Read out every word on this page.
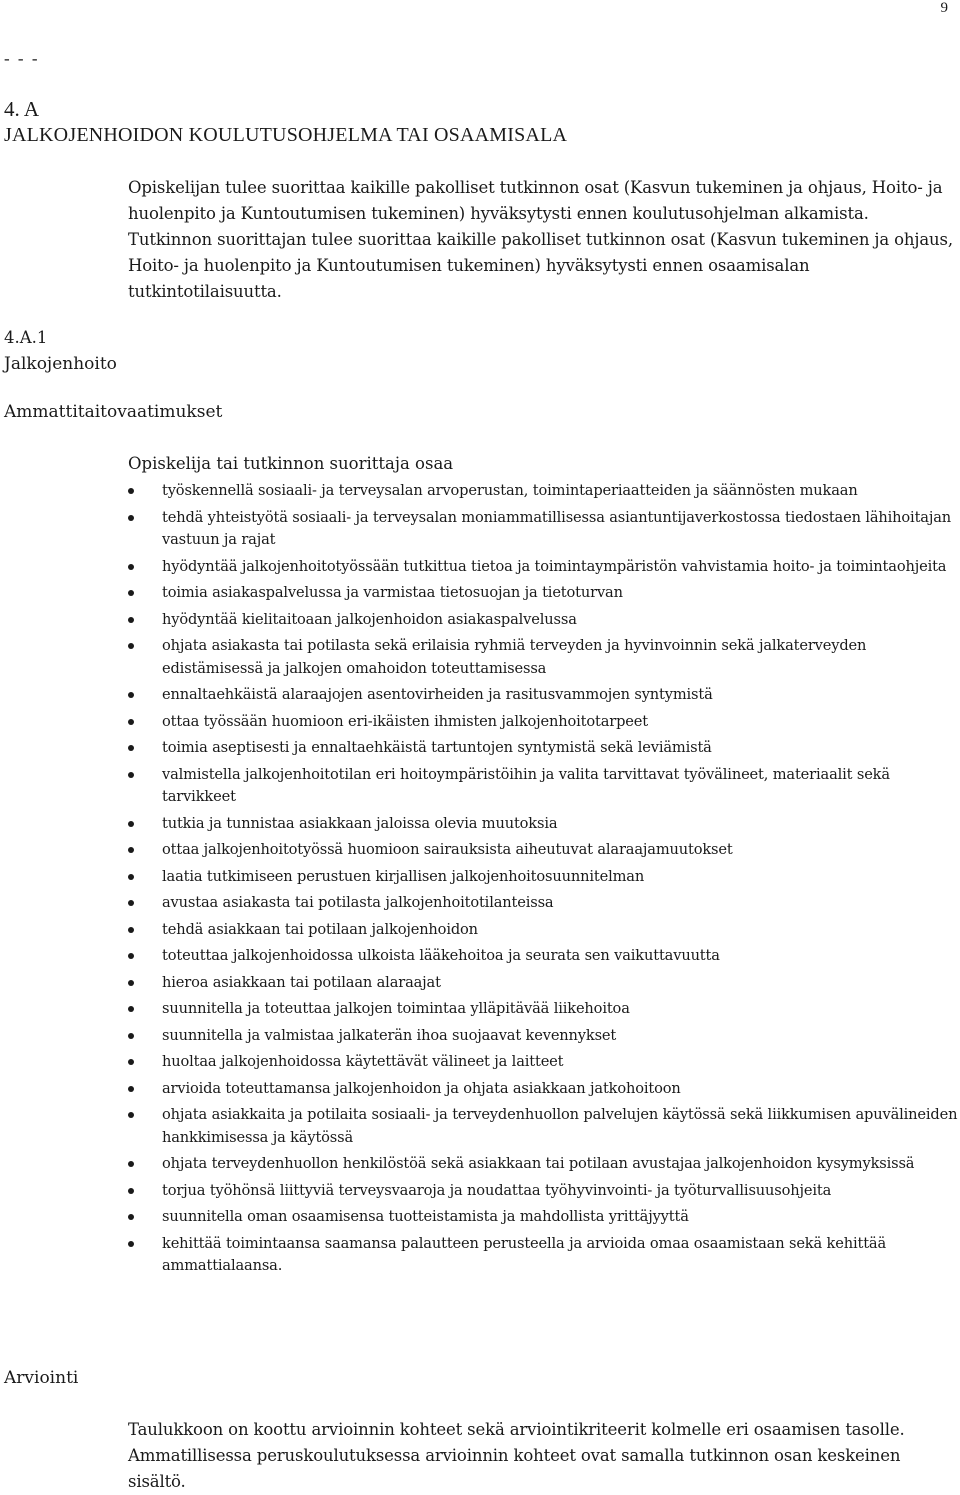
9
- - -
4. A
JALKOJENHOIDON KOULUTUSOHJELMA TAI OSAAMISALA

Opiskelijan tulee suorittaa kaikille pakolliset tutkinnon osat (Kasvun tukeminen ja ohjaus, Hoito- ja huolenpito ja Kuntoutumisen tukeminen) hyväksytysti ennen koulutusohjelman alkamista. Tutkinnon suorittajan tulee suorittaa kaikille pakolliset tutkinnon osat (Kasvun tukeminen ja ohjaus, Hoito- ja huolenpito ja Kuntoutumisen tukeminen) hyväksytysti ennen osaamisalan tutkintotilaisuutta.

4.A.1
Jalkojenhoito
Ammattitaitovaatimukset

Opiskelija tai tutkinnon suorittaja osaa

työskennellä sosiaali- ja terveysalan arvoperustan, toimintaperiaatteiden ja säännösten mukaan
tehdä yhteistyötä sosiaali- ja terveysalan moniammatillisessa asiantuntijaverkostossa tiedostaen lähihoitajan vastuun ja rajat
hyödyntää jalkojenhoitotyössään tutkittua tietoa ja toimintaympäristön vahvistamia hoito- ja toimintaohjeita
toimia asiakaspalvelussa ja varmistaa tietosuojan ja tietoturvan
hyödyntää kielitaitoaan jalkojenhoidon asiakaspalvelussa
ohjata asiakasta tai potilasta sekä erilaisia ryhmiä terveyden ja hyvinvoinnin sekä jalkaterveyden edistämisessä ja jalkojen omahoidon toteuttamisessa
ennaltaehkäistä alaraajojen asentovirheiden ja rasitusvammojen syntymistä
ottaa työssään huomioon eri-ikäisten ihmisten jalkojenhoitotarpeet
toimia aseptisesti ja ennaltaehkäistä tartuntojen syntymistä sekä leviämistä
valmistella jalkojenhoitotilan eri hoitoympäristöihin ja valita tarvittavat työvälineet, materiaalit sekä tarvikkeet
tutkia ja tunnistaa asiakkaan jaloissa olevia muutoksia
ottaa jalkojenhoitotyössä huomioon sairauksista aiheutuvat alaraajamuutokset
laatia tutkimiseen perustuen kirjallisen jalkojenhoitosuunnitelman
avustaa asiakasta tai potilasta jalkojenhoitotilanteissa
tehdä asiakkaan tai potilaan jalkojenhoidon
toteuttaa jalkojenhoidossa ulkoista lääkehoitoa ja seurata sen vaikuttavuutta
hieroa asiakkaan tai potilaan alaraajat
suunnitella ja toteuttaa jalkojen toimintaa ylläpitävää liikehoitoa
suunnitella ja valmistaa jalkaterän ihoa suojaavat kevennykset
huoltaa jalkojenhoidossa käytettävät välineet ja laitteet
arvioida toteuttamansa jalkojenhoidon ja ohjata asiakkaan jatkohoitoon
ohjata asiakkaita ja potilaita sosiaali- ja terveydenhuollon palvelujen käytössä sekä liikkumisen apuvälineiden hankkimisessa ja käytössä
ohjata terveydenhuollon henkilöstöä sekä asiakkaan tai potilaan avustajaa jalkojenhoidon kysymyksissä
torjua työhönsä liittyviä terveysvaaroja ja noudattaa työhyvinvointi- ja työturvallisuusohjeita
suunnitella oman osaamisensa tuotteistamista ja mahdollista yrittäjyyttä
kehittää toimintaansa saamansa palautteen perusteella ja arvioida omaa osaamistaan sekä kehittää ammattialaansa.
Arviointi

Taulukkoon on koottu arvioinnin kohteet sekä arviointikriteerit kolmelle eri osaamisen tasolle. Ammatillisessa peruskoulutuksessa arvioinnin kohteet ovat samalla tutkinnon osan keskeinen sisältö.
